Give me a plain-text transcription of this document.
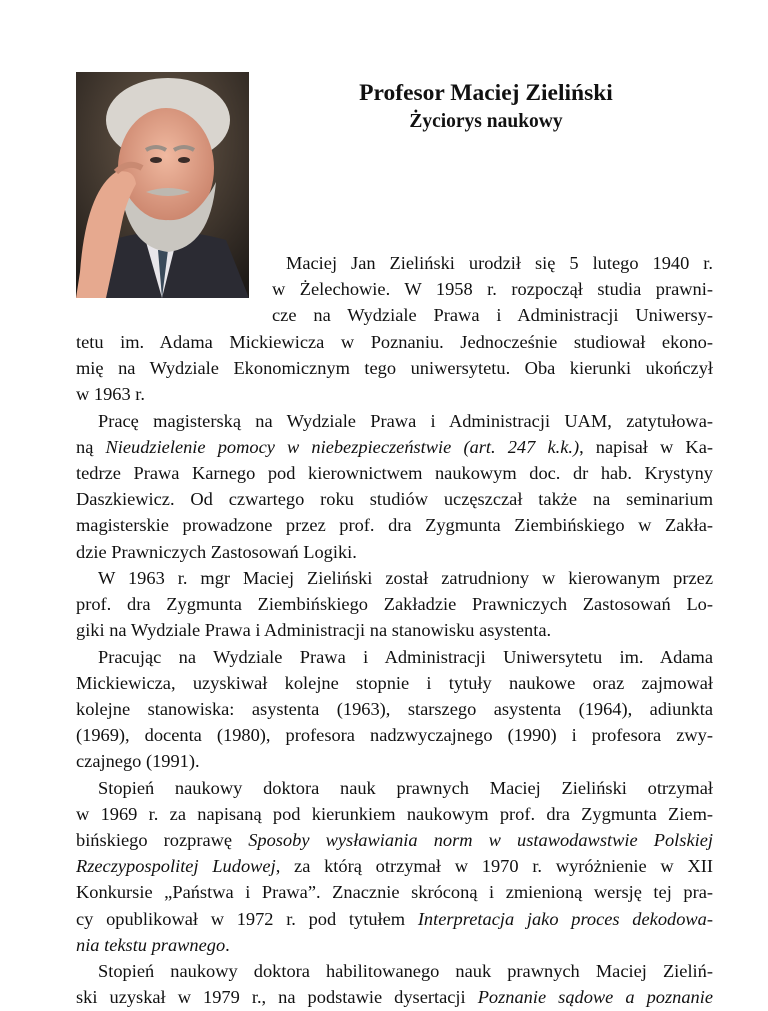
Profesor Maciej Zieliński
Życiorys naukowy
Maciej Jan Zieliński urodził się 5 lutego 1940 r.
w Żelechowie. W 1958 r. rozpoczął studia prawni-
cze na Wydziale Prawa i Administracji Uniwersy-
tetu im. Adama Mickiewicza w Poznaniu. Jednocześnie studiował ekono-
mię na Wydziale Ekonomicznym tego uniwersytetu. Oba kierunki ukończył
w 1963 r.
Pracę magisterską na Wydziale Prawa i Administracji UAM, zatytułowa-
ną Nieudzielenie pomocy w niebezpieczeństwie (art. 247 k.k.), napisał w Ka-
tedrze Prawa Karnego pod kierownictwem naukowym doc. dr hab. Krystyny
Daszkiewicz. Od czwartego roku studiów uczęszczał także na seminarium
magisterskie prowadzone przez prof. dra Zygmunta Ziembińskiego w Zakła-
dzie Prawniczych Zastosowań Logiki.
W 1963 r. mgr Maciej Zieliński został zatrudniony w kierowanym przez
prof. dra Zygmunta Ziembińskiego Zakładzie Prawniczych Zastosowań Lo-
giki na Wydziale Prawa i Administracji na stanowisku asystenta.
Pracując na Wydziale Prawa i Administracji Uniwersytetu im. Adama
Mickiewicza, uzyskiwał kolejne stopnie i tytuły naukowe oraz zajmował
kolejne stanowiska: asystenta (1963), starszego asystenta (1964), adiunkta
(1969), docenta (1980), profesora nadzwyczajnego (1990) i profesora zwy-
czajnego (1991).
Stopień naukowy doktora nauk prawnych Maciej Zieliński otrzymał
w 1969 r. za napisaną pod kierunkiem naukowym prof. dra Zygmunta Ziem-
bińskiego rozprawę Sposoby wysławiania norm w ustawodawstwie Polskiej
Rzeczypospolitej Ludowej, za którą otrzymał w 1970 r. wyróżnienie w XII
Konkursie „Państwa i Prawa”. Znacznie skróconą i zmienioną wersję tej pra-
cy opublikował w 1972 r. pod tytułem Interpretacja jako proces dekodowa-
nia tekstu prawnego.
Stopień naukowy doktora habilitowanego nauk prawnych Maciej Zieliń-
ski uzyskał w 1979 r., na podstawie dysertacji Poznanie sądowe a poznanie
